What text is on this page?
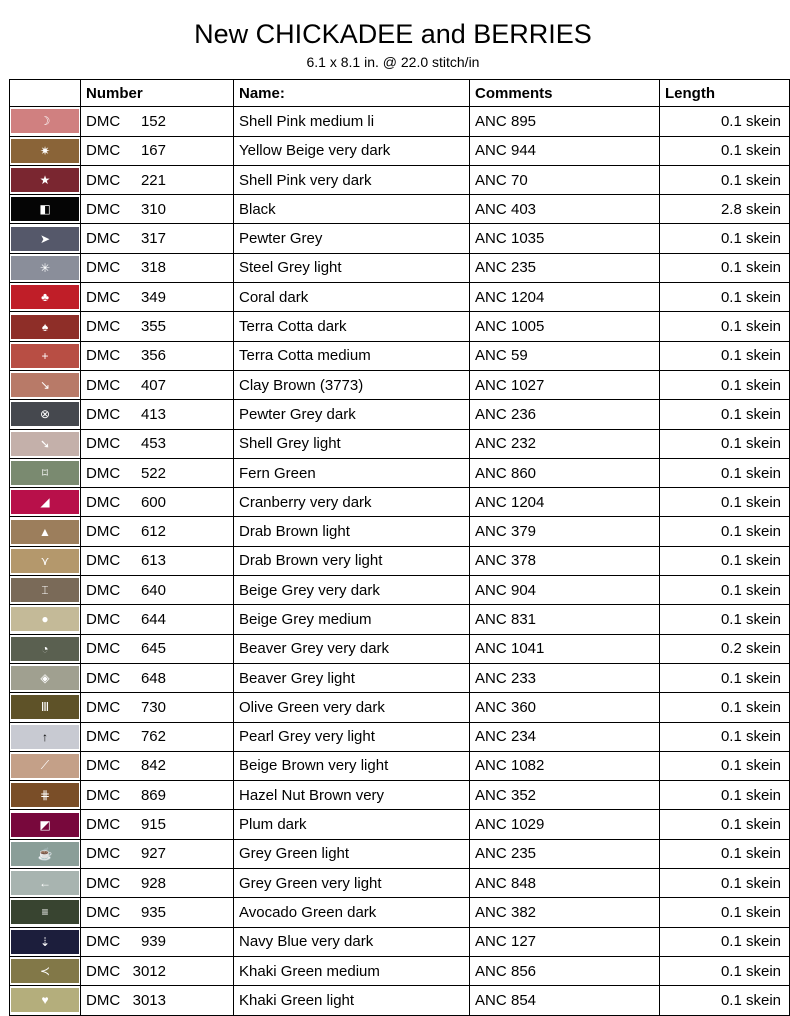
New CHICKADEE and BERRIES
6.1 x 8.1 in. @ 22.0 stitch/in
	Number	Name:	Comments	Length

☽	DMC 152	Shell Pink medium li	ANC 895	0.1 skein

✷	DMC 167	Yellow Beige very dark	ANC 944	0.1 skein

★	DMC 221	Shell Pink very dark	ANC 70	0.1 skein

◧	DMC 310	Black	ANC 403	2.8 skein

➤	DMC 317	Pewter Grey	ANC 1035	0.1 skein

✳	DMC 318	Steel Grey light	ANC 235	0.1 skein

♣	DMC 349	Coral dark	ANC 1204	0.1 skein

♠	DMC 355	Terra Cotta dark	ANC 1005	0.1 skein

+	DMC 356	Terra Cotta medium	ANC 59	0.1 skein

↘	DMC 407	Clay Brown (3773)	ANC 1027	0.1 skein

⊗	DMC 413	Pewter Grey dark	ANC 236	0.1 skein

➘	DMC 453	Shell Grey light	ANC 232	0.1 skein

⌑	DMC 522	Fern Green	ANC 860	0.1 skein

◢	DMC 600	Cranberry very dark	ANC 1204	0.1 skein

▲	DMC 612	Drab Brown light	ANC 379	0.1 skein

⋎	DMC 613	Drab Brown very light	ANC 378	0.1 skein

⌶	DMC 640	Beige Grey very dark	ANC 904	0.1 skein

●	DMC 644	Beige Grey medium	ANC 831	0.1 skein

◔	DMC 645	Beaver Grey very dark	ANC 1041	0.2 skein

◈	DMC 648	Beaver Grey light	ANC 233	0.1 skein

Ⅲ	DMC 730	Olive Green very dark	ANC 360	0.1 skein

↑	DMC 762	Pearl Grey very light	ANC 234	0.1 skein

⟋	DMC 842	Beige Brown very light	ANC 1082	0.1 skein

⋕	DMC 869	Hazel Nut Brown very	ANC 352	0.1 skein

◩	DMC 915	Plum dark	ANC 1029	0.1 skein

☕	DMC 927	Grey Green light	ANC 235	0.1 skein

←	DMC 928	Grey Green very light	ANC 848	0.1 skein

≡	DMC 935	Avocado Green dark	ANC 382	0.1 skein

⇣	DMC 939	Navy Blue very dark	ANC 127	0.1 skein

≺	DMC 3012	Khaki Green medium	ANC 856	0.1 skein

♥	DMC 3013	Khaki Green light	ANC 854	0.1 skein
